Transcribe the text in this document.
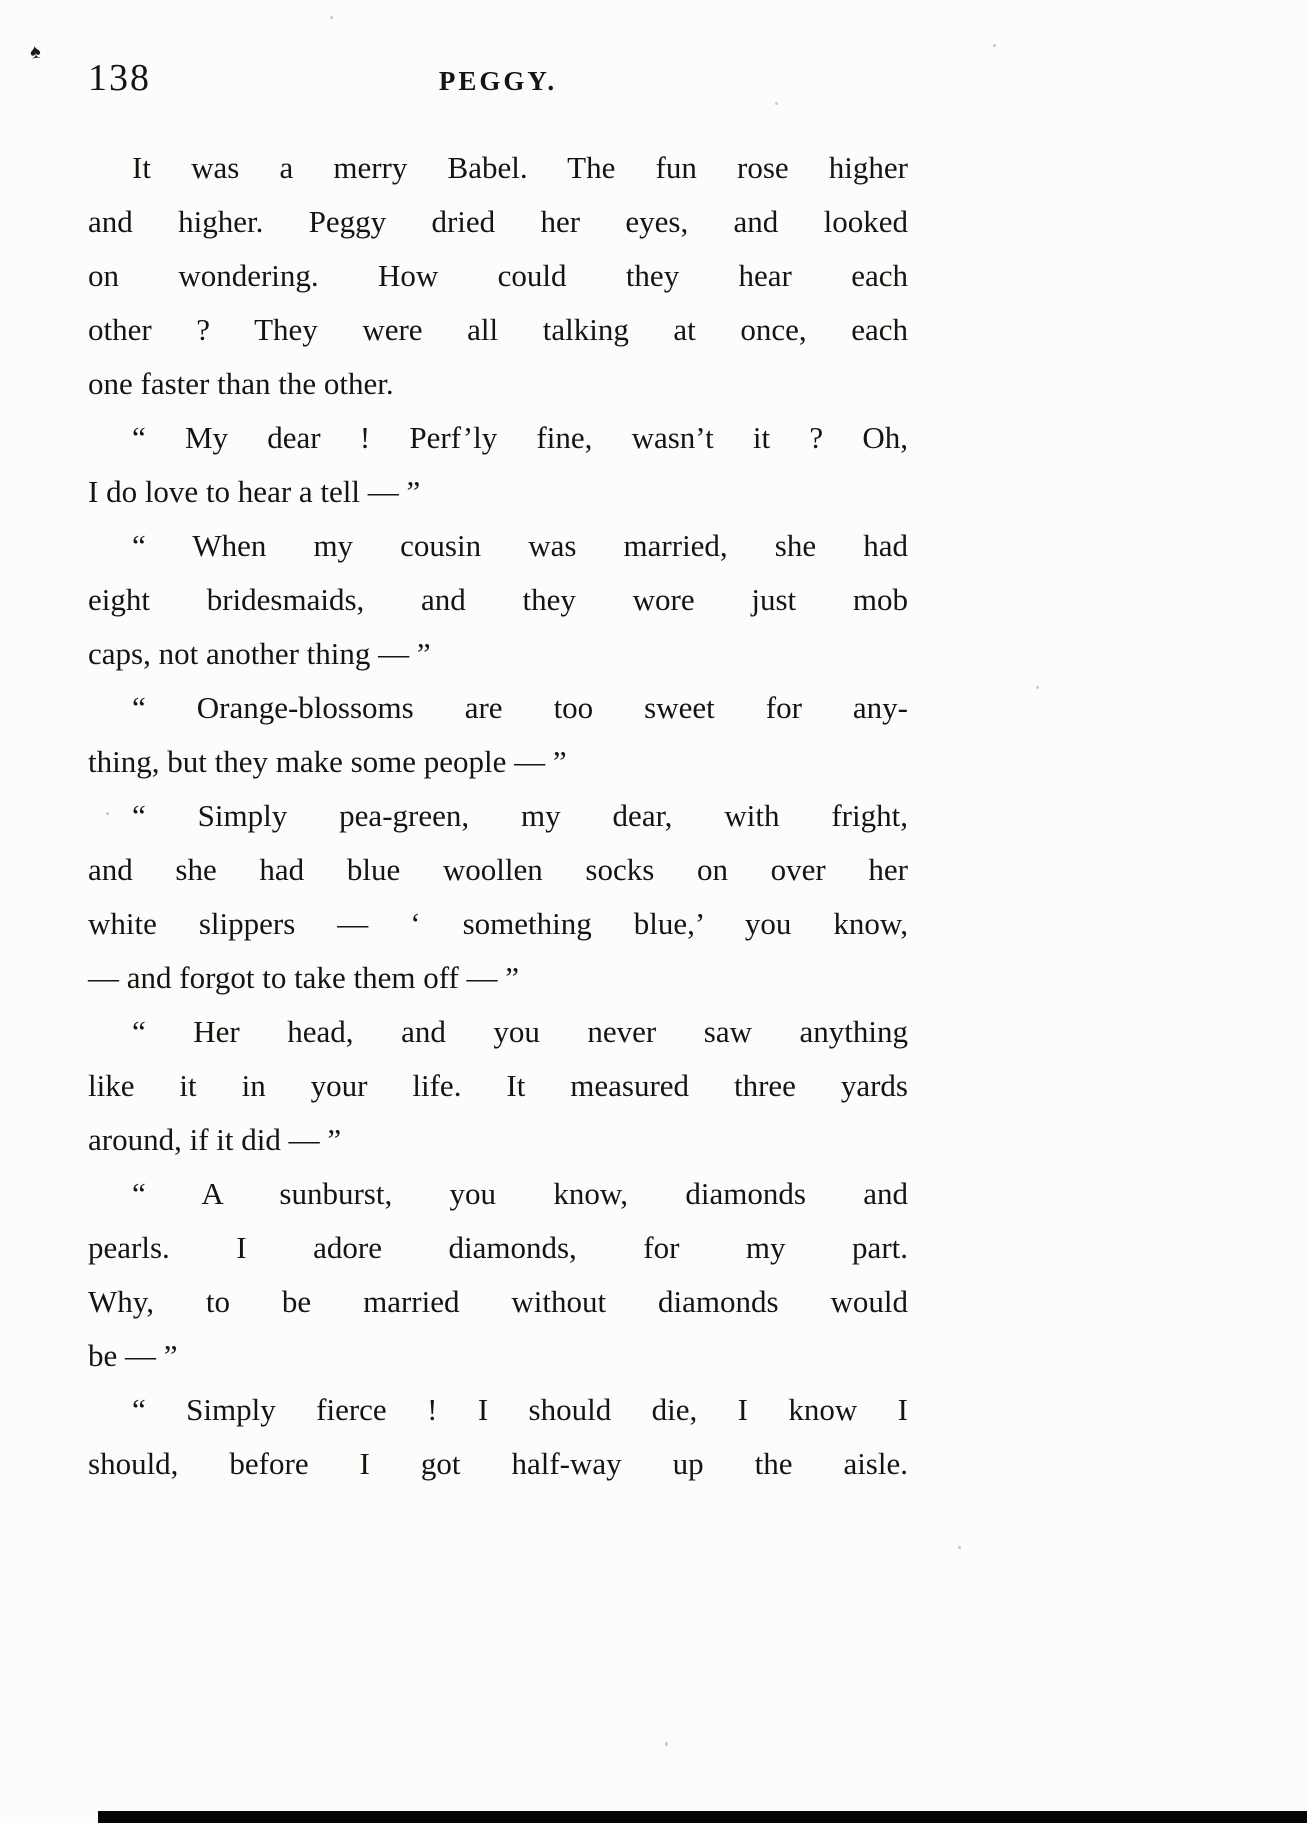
♠
138	PEGGY.
It was a merry Babel. The fun rose higher
and higher. Peggy dried her eyes, and looked
on wondering. How could they hear each
other ? They were all talking at once, each
one faster than the other.
“ My dear ! Perf’ly fine, wasn’t it ? Oh,
I do love to hear a tell — ”
“ When my cousin was married, she had
eight bridesmaids, and they wore just mob
caps, not another thing — ”
“ Orange-blossoms are too sweet for any-
thing, but they make some people — ”
“ Simply pea-green, my dear, with fright,
and she had blue woollen socks on over her
white slippers — ‘ something blue,’ you know,
— and forgot to take them off — ”
“ Her head, and you never saw anything
like it in your life. It measured three yards
around, if it did — ”
“ A sunburst, you know, diamonds and
pearls. I adore diamonds, for my part.
Why, to be married without diamonds would
be — ”
“ Simply fierce ! I should die, I know I
should, before I got half-way up the aisle.
